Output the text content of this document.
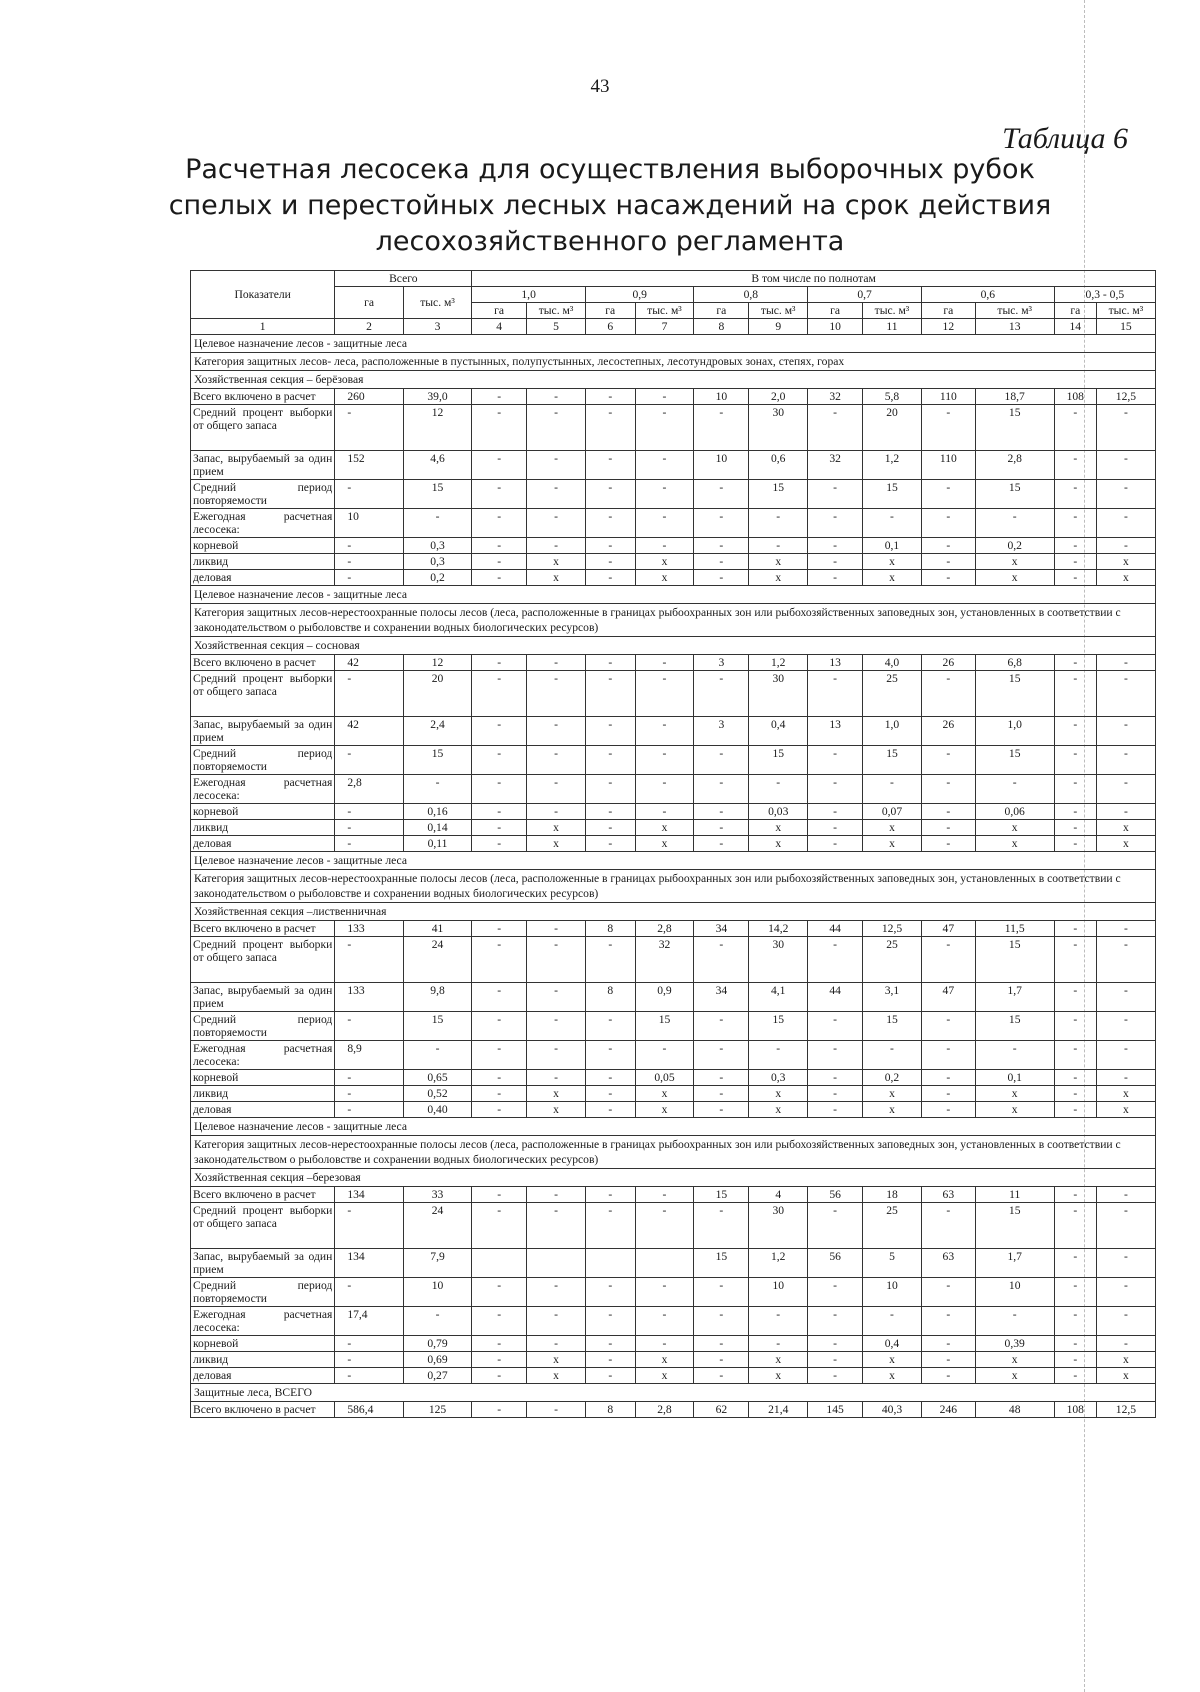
43
Таблица 6
Расчетная лесосека для осуществления выборочных рубок спелых и перестойных лесных насаждений на срок действия лесохозяйственного регламента
Показатели	Всего		В том числе по полнотам											
	га	тыс. м³	1,0		0,9		0,8		0,7		0,6		0,3 - 0,5	
			га	тыс. м³	га	тыс. м³	га	тыс. м³	га	тыс. м³	га	тыс. м³	га	тыс. м³
1	2	3	4	5	6	7	8	9	10	11	12	13	14	15
Целевое назначение лесов - защитные леса														
Категория защитных лесов- леса, расположенные в пустынных, полупустынных, лесостепных, лесотундровых зонах, степях, горах														
Хозяйственная секция – берёзовая														
Всего включено в расчет	260	39,0	-	-	-	-	10	2,0	32	5,8	110	18,7	108	12,5
Средний процент выборки от общего запаса	-	12	-	-	-	-	-	30	-	20	-	15	-	-
Запас, вырубаемый за один прием	152	4,6	-	-	-	-	10	0,6	32	1,2	110	2,8	-	-
Средний период повторяемости	-	15	-	-	-	-	-	15	-	15	-	15	-	-
Ежегодная расчетная лесосека:	10	-	-	-	-	-	-	-	-	-	-	-	-	-
корневой	-	0,3	-	-	-	-	-	-	-	0,1	-	0,2	-	-
ликвид	-	0,3	-	x	-	x	-	x	-	x	-	x	-	x
деловая	-	0,2	-	x	-	x	-	x	-	x	-	x	-	x
Целевое назначение лесов - защитные леса														
Категория защитных лесов-нерестоохранные полосы лесов (леса, расположенные в границах рыбоохранных зон или рыбохозяйственных заповедных зон, установленных в соответствии с законодательством о рыболовстве и сохранении водных биологических ресурсов)														
Хозяйственная секция – сосновая														
Всего включено в расчет	42	12	-	-	-	-	3	1,2	13	4,0	26	6,8	-	-
Средний процент выборки от общего запаса	-	20	-	-	-	-	-	30	-	25	-	15	-	-
Запас, вырубаемый за один прием	42	2,4	-	-	-	-	3	0,4	13	1,0	26	1,0	-	-
Средний период повторяемости	-	15	-	-	-	-	-	15	-	15	-	15	-	-
Ежегодная расчетная лесосека:	2,8	-	-	-	-	-	-	-	-	-	-	-	-	-
корневой	-	0,16	-	-	-	-	-	0,03	-	0,07	-	0,06	-	-
ликвид	-	0,14	-	x	-	x	-	x	-	x	-	x	-	x
деловая	-	0,11	-	x	-	x	-	x	-	x	-	x	-	x
Целевое назначение лесов - защитные леса														
Категория защитных лесов-нерестоохранные полосы лесов (леса, расположенные в границах рыбоохранных зон или рыбохозяйственных заповедных зон, установленных в соответствии с законодательством о рыболовстве и сохранении водных биологических ресурсов)														
Хозяйственная секция –лиственничная														
Всего включено в расчет	133	41	-	-	8	2,8	34	14,2	44	12,5	47	11,5	-	-
Средний процент выборки от общего запаса	-	24	-	-	-	32	-	30	-	25	-	15	-	-
Запас, вырубаемый за один прием	133	9,8	-	-	8	0,9	34	4,1	44	3,1	47	1,7	-	-
Средний период повторяемости	-	15	-	-	-	15	-	15	-	15	-	15	-	-
Ежегодная расчетная лесосека:	8,9	-	-	-	-	-	-	-	-	-	-	-	-	-
корневой	-	0,65	-	-	-	0,05	-	0,3	-	0,2	-	0,1	-	-
ликвид	-	0,52	-	x	-	x	-	x	-	x	-	x	-	x
деловая	-	0,40	-	x	-	x	-	x	-	x	-	x	-	x
Целевое назначение лесов - защитные леса														
Категория защитных лесов-нерестоохранные полосы лесов (леса, расположенные в границах рыбоохранных зон или рыбохозяйственных заповедных зон, установленных в соответствии с законодательством о рыболовстве и сохранении водных биологических ресурсов)														
Хозяйственная секция –березовая														
Всего включено в расчет	134	33	-	-	-	-	15	4	56	18	63	11	-	-
Средний процент выборки от общего запаса	-	24	-	-	-	-	-	30	-	25	-	15	-	-
Запас, вырубаемый за один прием	134	7,9					15	1,2	56	5	63	1,7	-	-
Средний период повторяемости	-	10	-	-	-	-	-	10	-	10	-	10	-	-
Ежегодная расчетная лесосека:	17,4	-	-	-	-	-	-	-	-	-	-	-	-	-
корневой	-	0,79	-	-	-	-	-	-	-	0,4	-	0,39	-	-
ликвид	-	0,69	-	x	-	x	-	x	-	x	-	x	-	x
деловая	-	0,27	-	x	-	x	-	x	-	x	-	x	-	x
Защитные леса, ВСЕГО														
Всего включено в расчет	586,4	125	-	-	8	2,8	62	21,4	145	40,3	246	48	108	12,5
